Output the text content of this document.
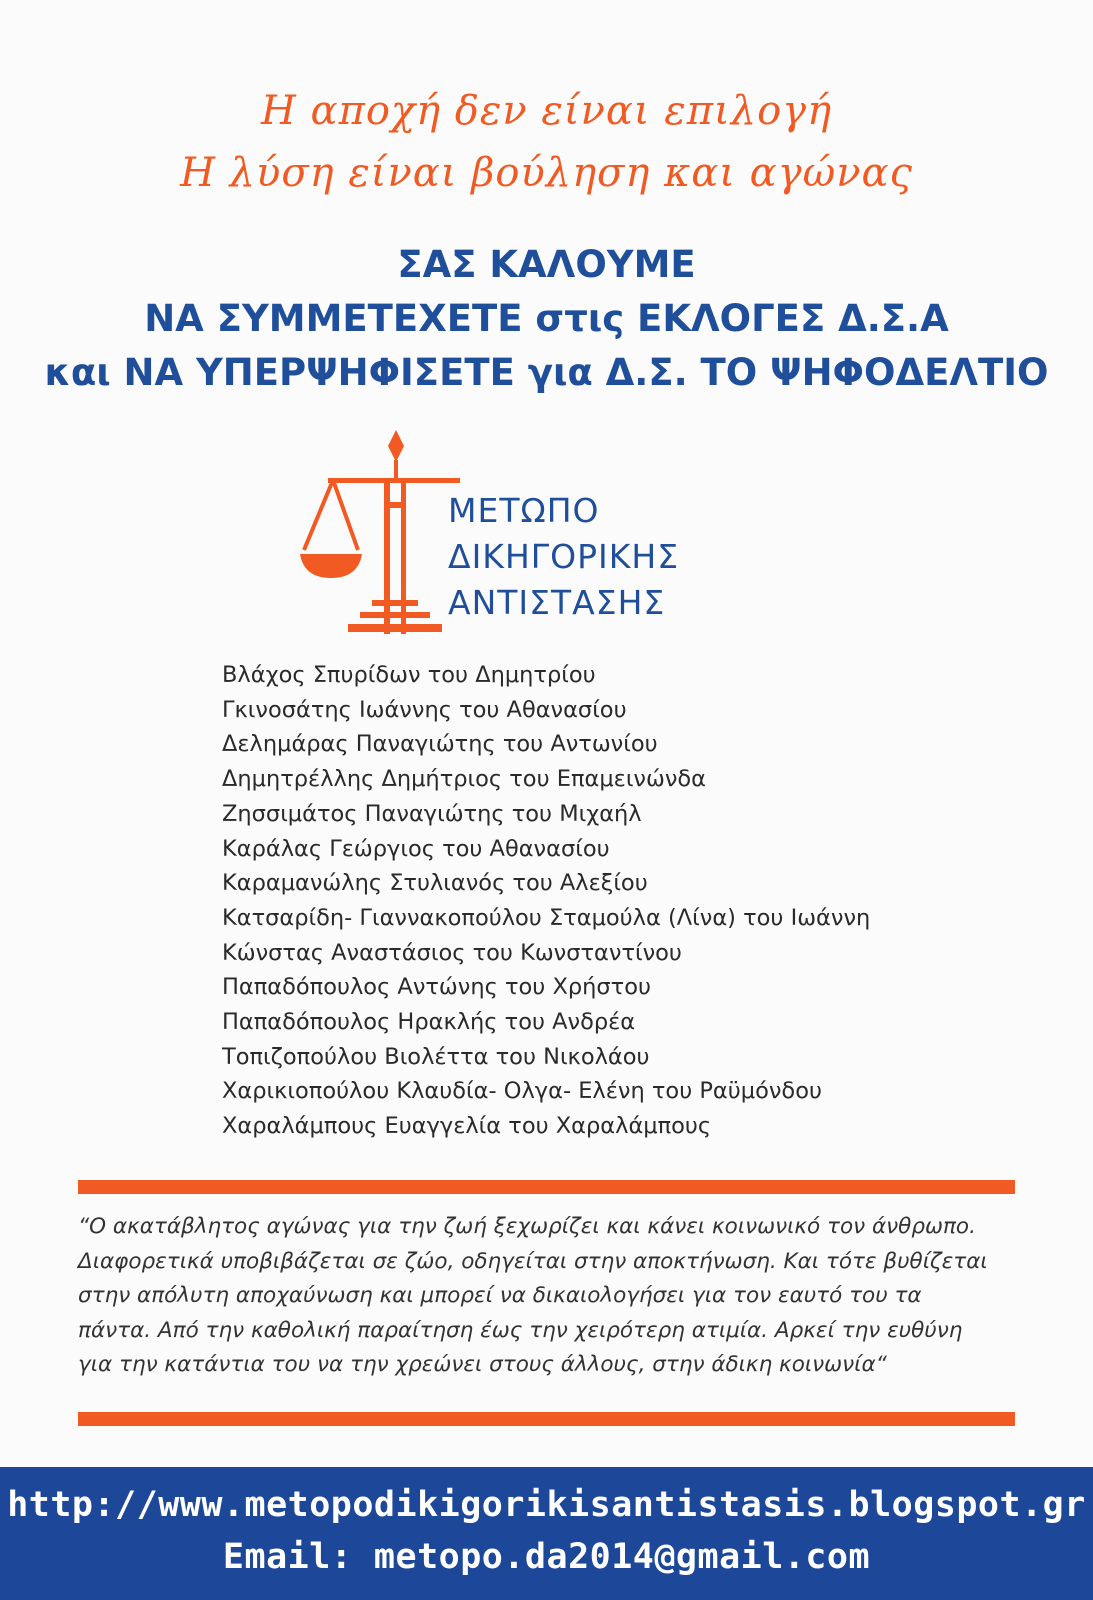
Η αποχή δεν είναι επιλογή
Η λύση είναι βούληση και αγώνας
ΣΑΣ ΚΑΛΟΥΜΕ
ΝΑ ΣΥΜΜΕΤΕΧΕΤΕ στις ΕΚΛΟΓΕΣ Δ.Σ.Α
και ΝΑ ΥΠΕΡΨΗΦΙΣΕΤΕ για Δ.Σ. ΤΟ ΨΗΦΟΔΕΛΤΙΟ
ΜΕΤΩΠΟ
ΔΙΚΗΓΟΡΙΚΗΣ
ΑΝΤΙΣΤΑΣΗΣ
Βλάχος Σπυρίδων του Δημητρίου
Γκινοσάτης Ιωάννης του Αθανασίου
Δελημάρας Παναγιώτης του Αντωνίου
Δημητρέλλης Δημήτριος του Επαμεινώνδα
Ζησσιμάτος Παναγιώτης του Μιχαήλ
Καράλας Γεώργιος του Αθανασίου
Καραμανώλης Στυλιανός του Αλεξίου
Κατσαρίδη- Γιαννακοπούλου Σταμούλα (Λίνα) του Ιωάννη
Κώνστας Αναστάσιος του Κωνσταντίνου
Παπαδόπουλος Αντώνης του Χρήστου
Παπαδόπουλος Ηρακλής του Ανδρέα
Τοπιζοπούλου Βιολέττα του Νικολάου
Χαρικιοπούλου Κλαυδία- Ολγα- Ελένη του Ραϋμόνδου
Χαραλάμπους Ευαγγελία του Χαραλάμπους
“Ο ακατάβλητος αγώνας για την ζωή ξεχωρίζει και κάνει κοινωνικό τον άνθρωπο.
Διαφορετικά υποβιβάζεται σε ζώο, οδηγείται στην αποκτήνωση. Και τότε βυθίζεται
στην απόλυτη αποχαύνωση και μπορεί να δικαιολογήσει για τον εαυτό του τα
πάντα. Από την καθολική παραίτηση έως την χειρότερη ατιμία. Αρκεί την ευθύνη
για την κατάντια του να την χρεώνει στους άλλους, στην άδικη κοινωνία“
http://www.metopodikigorikisantistasis.blogspot.gr
Email: metopo.da2014@gmail.com
